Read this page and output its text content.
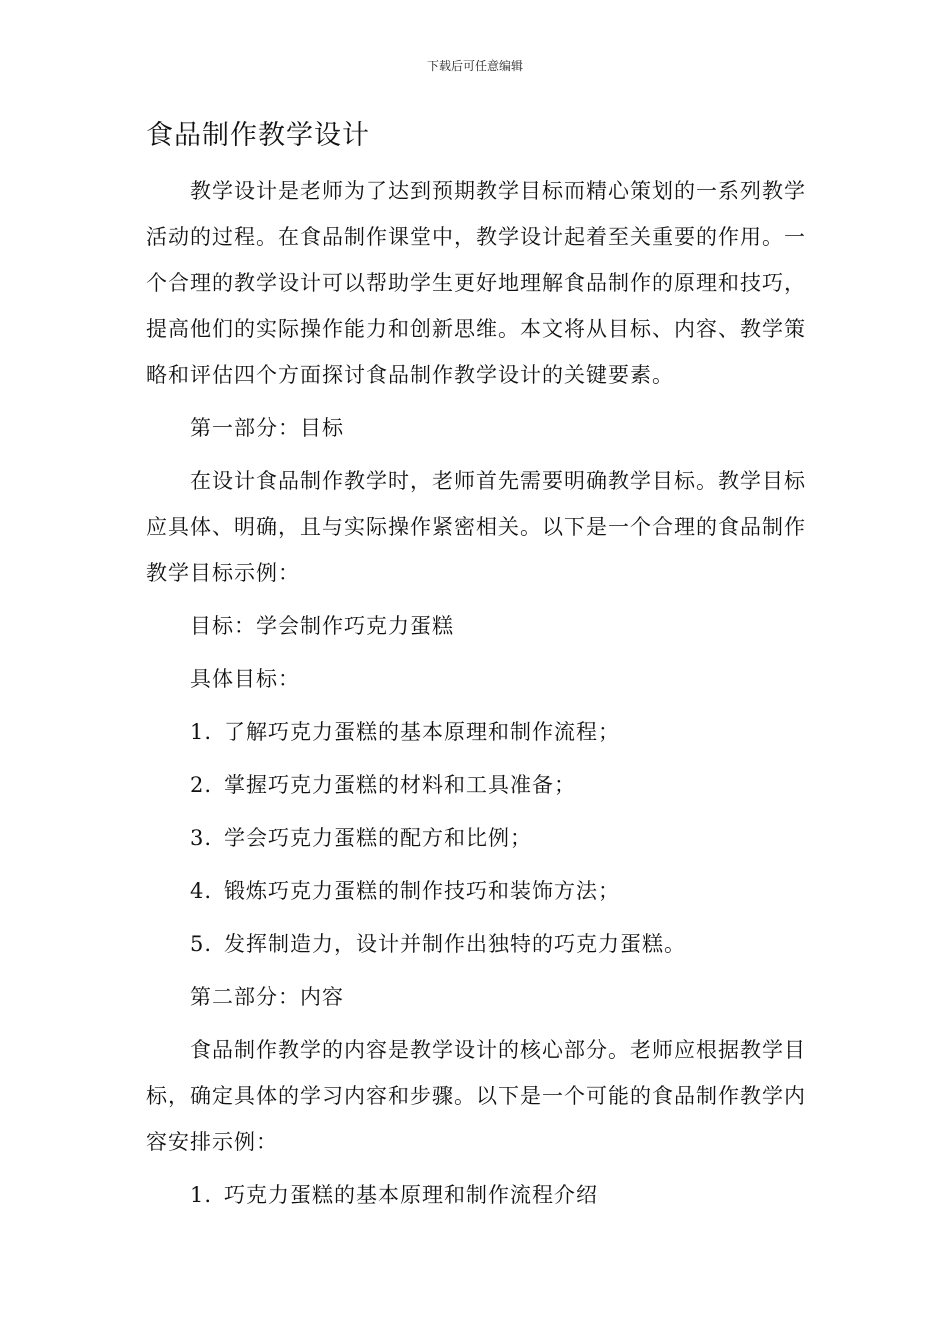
下载后可任意编辑
食品制作教学设计

教学设计是老师为了达到预期教学目标而精心策划的一系列教学活动的过程。在食品制作课堂中，教学设计起着至关重要的作用。一个合理的教学设计可以帮助学生更好地理解食品制作的原理和技巧，提高他们的实际操作能力和创新思维。本文将从目标、内容、教学策略和评估四个方面探讨食品制作教学设计的关键要素。

第一部分：目标

在设计食品制作教学时，老师首先需要明确教学目标。教学目标应具体、明确，且与实际操作紧密相关。以下是一个合理的食品制作教学目标示例：

目标：学会制作巧克力蛋糕

具体目标：

1. 了解巧克力蛋糕的基本原理和制作流程；

2. 掌握巧克力蛋糕的材料和工具准备；

3. 学会巧克力蛋糕的配方和比例；

4. 锻炼巧克力蛋糕的制作技巧和装饰方法；

5. 发挥制造力，设计并制作出独特的巧克力蛋糕。

第二部分：内容

食品制作教学的内容是教学设计的核心部分。老师应根据教学目标，确定具体的学习内容和步骤。以下是一个可能的食品制作教学内容安排示例：

1. 巧克力蛋糕的基本原理和制作流程介绍
